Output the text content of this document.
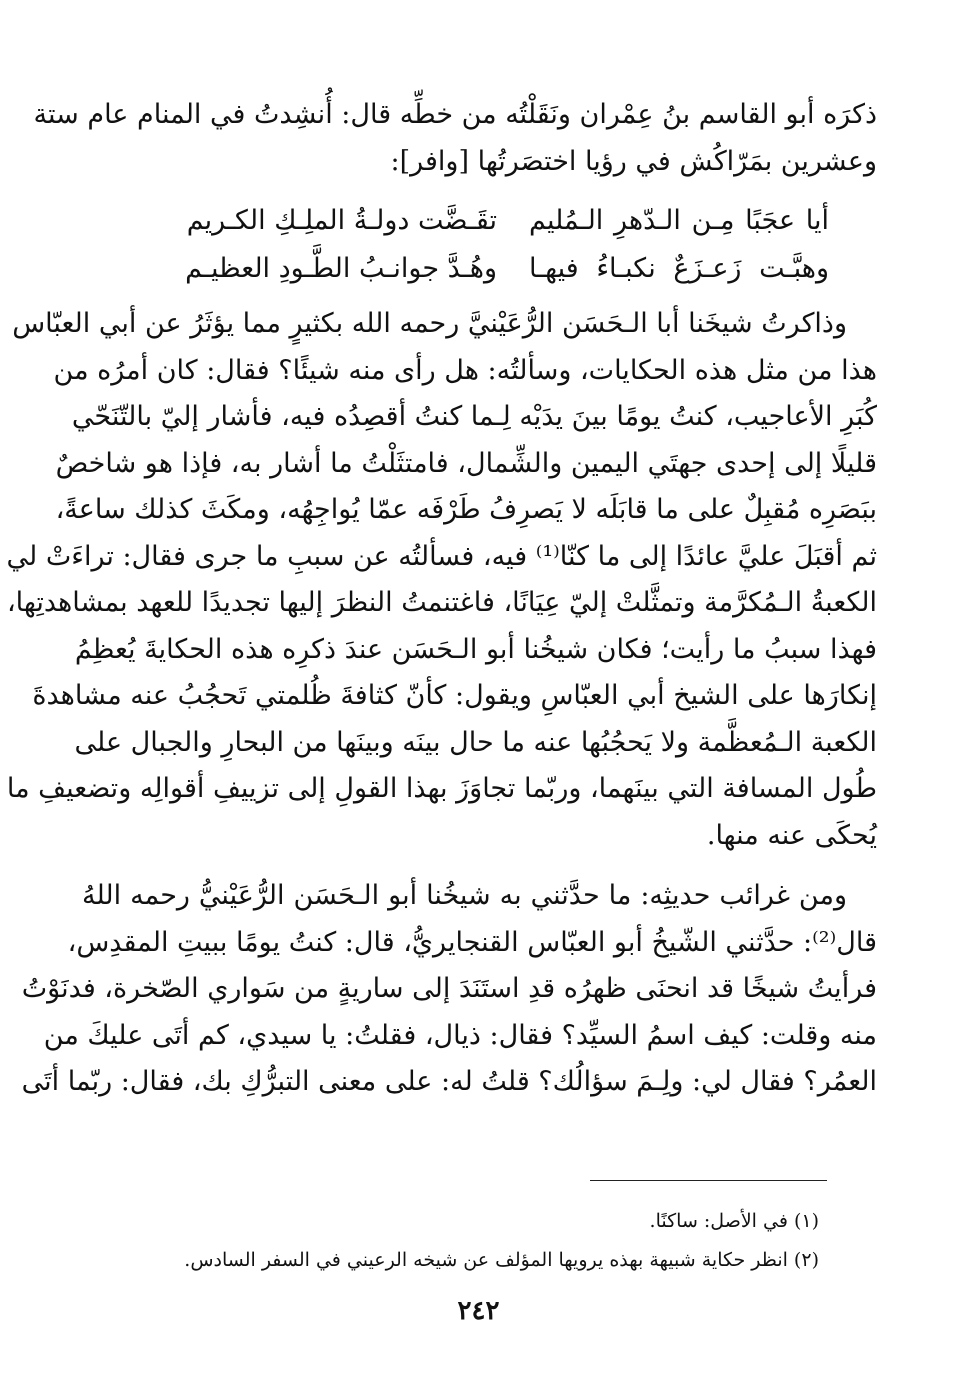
ذكرَه أبو القاسم بنُ عِمْران ونَقَلْتُه من خطِّه قال: أُنشِدتُ في المنام عام ستة
وعشرين بمَرّاكُش في رؤيا اختصَرتُها [وافر]:
أيا عجَبًا مِـن الـدّهرِ الـمُليم
تقَـضَّت دولـةُ الملِـكِ الكـريم
وهبَّـت زَعـزَعٌ نكبـاءُ فيهـا
وهُـدَّ جوانـبُ الطَّـودِ العظيـم
وذاكرتُ شيخَنا أبا الـحَسَن الرُّعَيْنيَّ رحمه الله بكثيرٍ مما يؤثَرُ عن أبي العبّاس
هذا من مثل هذه الحكايات، وسألتُه: هل رأى منه شيئًا؟ فقال: كان أمرُه من
كُبَرِ الأعاجيب، كنتُ يومًا بينَ يدَيْه لِـما كنتُ أقصِدُه فيه، فأشار إليّ بالتّنَحّي
قليلًا إلى إحدى جهتَي اليمين والشِّمال، فامتثَلْتُ ما أشار به، فإذا هو شاخصٌ
ببَصَرِه مُقبِلٌ على ما قابَلَه لا يَصرِفُ طَرْفَه عمّا يُواجِهُه، ومكَثَ كذلك ساعةً،
ثم أقبَلَ عليَّ عائدًا إلى ما كنّا⁽¹⁾ فيه، فسألتُه عن سببِ ما جرى فقال: تراءَتْ لي
الكعبةُ الـمُكرَّمة وتمثَّلتْ إليّ عِيَانًا، فاغتنمتُ النظرَ إليها تجديدًا للعهد بمشاهدتِها،
فهذا سببُ ما رأيت؛ فكان شيخُنا أبو الـحَسَن عندَ ذكرِه هذه الحكايةَ يُعظِمُ
إنكارَها على الشيخ أبي العبّاسِ ويقول: كأنّ كثافةَ ظُلمتي تَحجُبُ عنه مشاهدةَ
الكعبة الـمُعظَّمة ولا يَحجُبُها عنه ما حال بينَه وبينَها من البحارِ والجبال على
طُول المسافة التي بينَهما، وربّما تجاوَزَ بهذا القولِ إلى تزييفِ أقوالِه وتضعيفِ ما
يُحكَى عنه منها.
ومن غرائب حديثِه: ما حدَّثني به شيخُنا أبو الـحَسَن الرُّعَيْنيُّ رحمه اللهُ
قال⁽²⁾: حدَّثني الشّيخُ أبو العبّاس القنجايريُّ، قال: كنتُ يومًا ببيتِ المقدِس،
فرأيتُ شيخًا قد انحنَى ظهرُه قدِ استَنَدَ إلى ساريةٍ من سَواري الصّخرة، فدنَوْتُ
منه وقلت: كيف اسمُ السيِّد؟ فقال: ذيال، فقلتُ: يا سيدي، كم أتَى عليكَ من
العمُر؟ فقال لي: ولِـمَ سؤالُك؟ قلتُ له: على معنى التبرُّكِ بك، فقال: ربّما أتَى
(١) في الأصل: ساكنًا.
(٢) انظر حكاية شبيهة بهذه يرويها المؤلف عن شيخه الرعيني في السفر السادس.
٢٤٢
